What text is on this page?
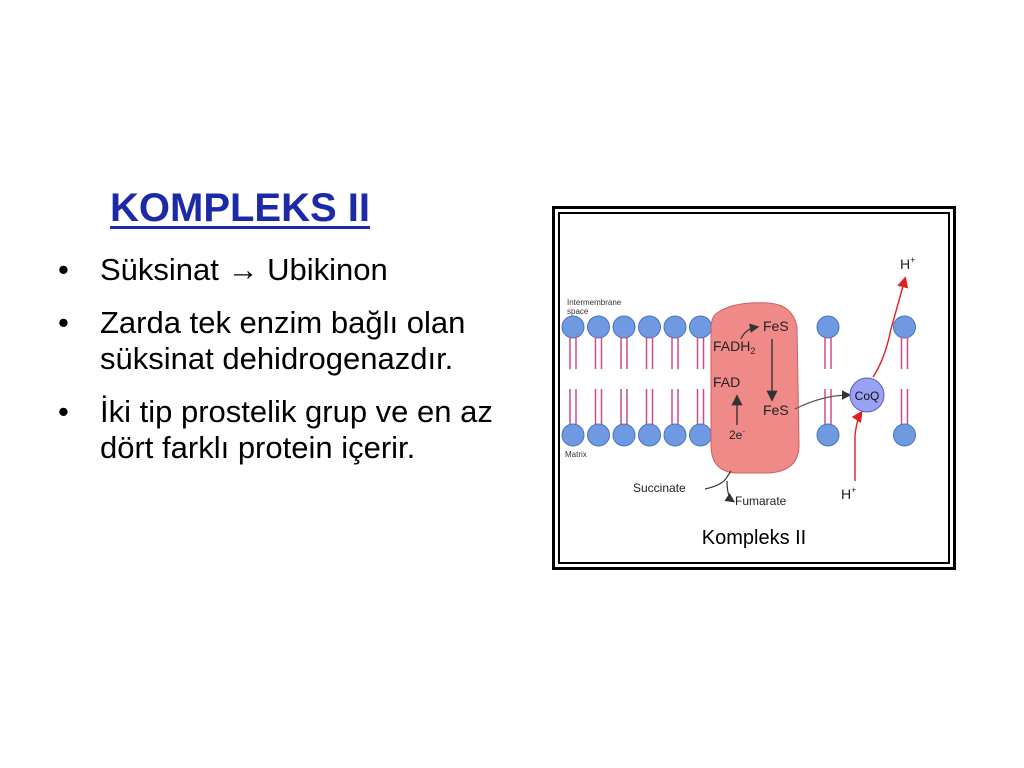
KOMPLEKS II
• Süksinat → Ubikinon
• Zarda tek enzim bağlı olan süksinat dehidrogenazdır.
• İki tip prostelik grup ve en az dört farklı protein içerir.
FeS
$FADH_2$
FAD
FeS
2e-
CoQ
H+
H+
Succinate
Fumarate
Intermembrane
space
Matrix
Kompleks II
